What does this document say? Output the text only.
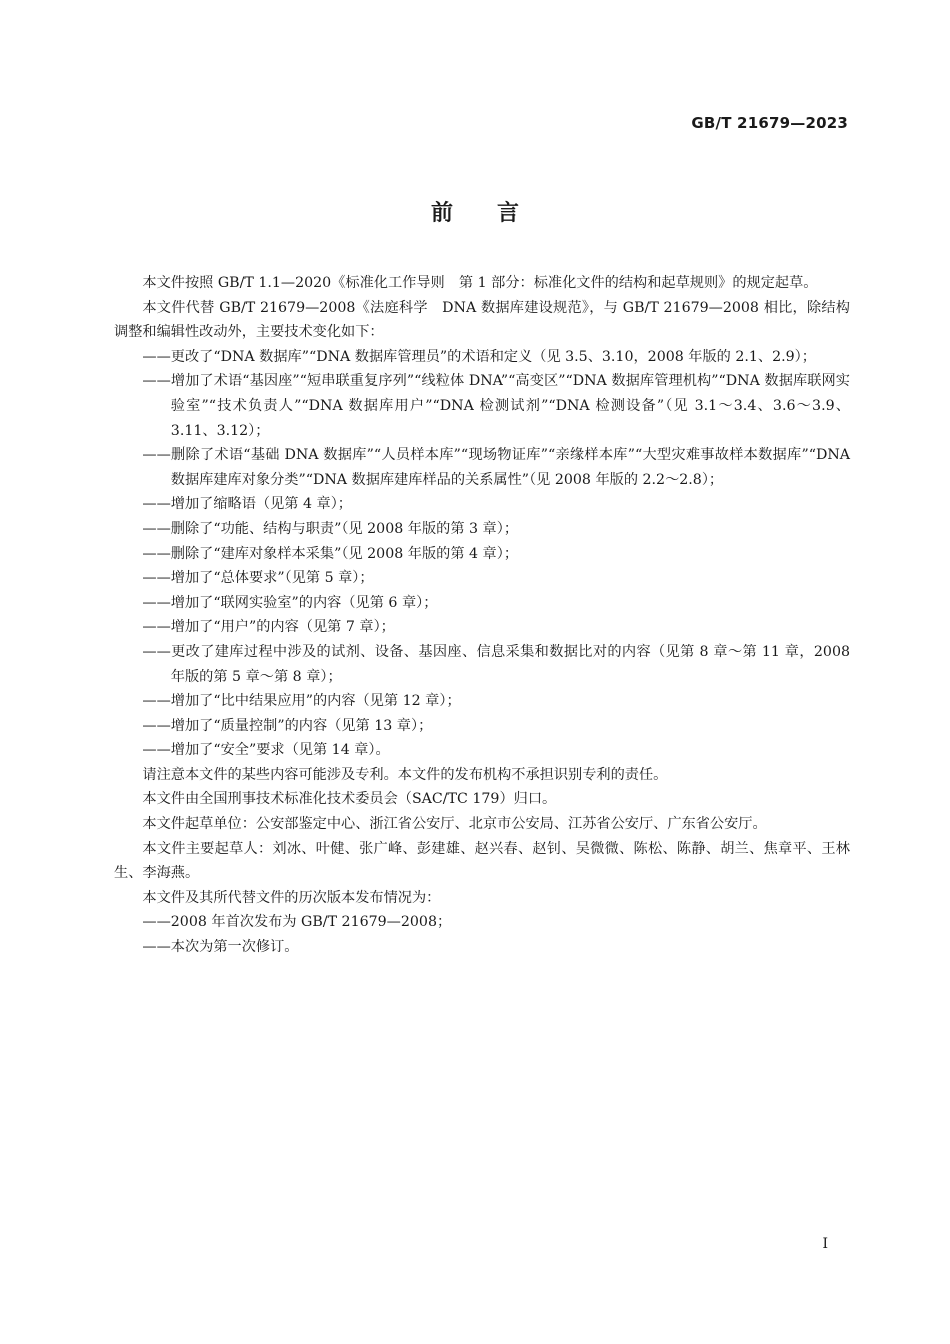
GB/T 21679—2023
前言

本文件按照 GB/T 1.1—2020《标准化工作导则　第 1 部分：标准化文件的结构和起草规则》的规定起草。

本文件代替 GB/T 21679—2008《法庭科学　DNA 数据库建设规范》，与 GB/T 21679—2008 相比，除结构调整和编辑性改动外，主要技术变化如下：

——更改了“DNA 数据库”“DNA 数据库管理员”的术语和定义（见 3.5、3.10，2008 年版的 2.1、2.9）；

——增加了术语“基因座”“短串联重复序列”“线粒体 DNA”“高变区”“DNA 数据库管理机构”“DNA 数据库联网实验室”“技术负责人”“DNA 数据库用户”“DNA 检测试剂”“DNA 检测设备”（见 3.1～3.4、3.6～3.9、3.11、3.12）；

——删除了术语“基础 DNA 数据库”“人员样本库”“现场物证库”“亲缘样本库”“大型灾难事故样本数据库”“DNA 数据库建库对象分类”“DNA 数据库建库样品的关系属性”（见 2008 年版的 2.2～2.8）；

——增加了缩略语（见第 4 章）；

——删除了“功能、结构与职责”（见 2008 年版的第 3 章）；

——删除了“建库对象样本采集”（见 2008 年版的第 4 章）；

——增加了“总体要求”（见第 5 章）；

——增加了“联网实验室”的内容（见第 6 章）；

——增加了“用户”的内容（见第 7 章）；

——更改了建库过程中涉及的试剂、设备、基因座、信息采集和数据比对的内容（见第 8 章～第 11 章，2008 年版的第 5 章～第 8 章）；

——增加了“比中结果应用”的内容（见第 12 章）；

——增加了“质量控制”的内容（见第 13 章）；

——增加了“安全”要求（见第 14 章）。

请注意本文件的某些内容可能涉及专利。本文件的发布机构不承担识别专利的责任。

本文件由全国刑事技术标准化技术委员会（SAC/TC 179）归口。

本文件起草单位：公安部鉴定中心、浙江省公安厅、北京市公安局、江苏省公安厅、广东省公安厅。

本文件主要起草人：刘冰、叶健、张广峰、彭建雄、赵兴春、赵钊、吴微微、陈松、陈静、胡兰、焦章平、王林生、李海燕。

本文件及其所代替文件的历次版本发布情况为：

——2008 年首次发布为 GB/T 21679—2008；

——本次为第一次修订。

I
